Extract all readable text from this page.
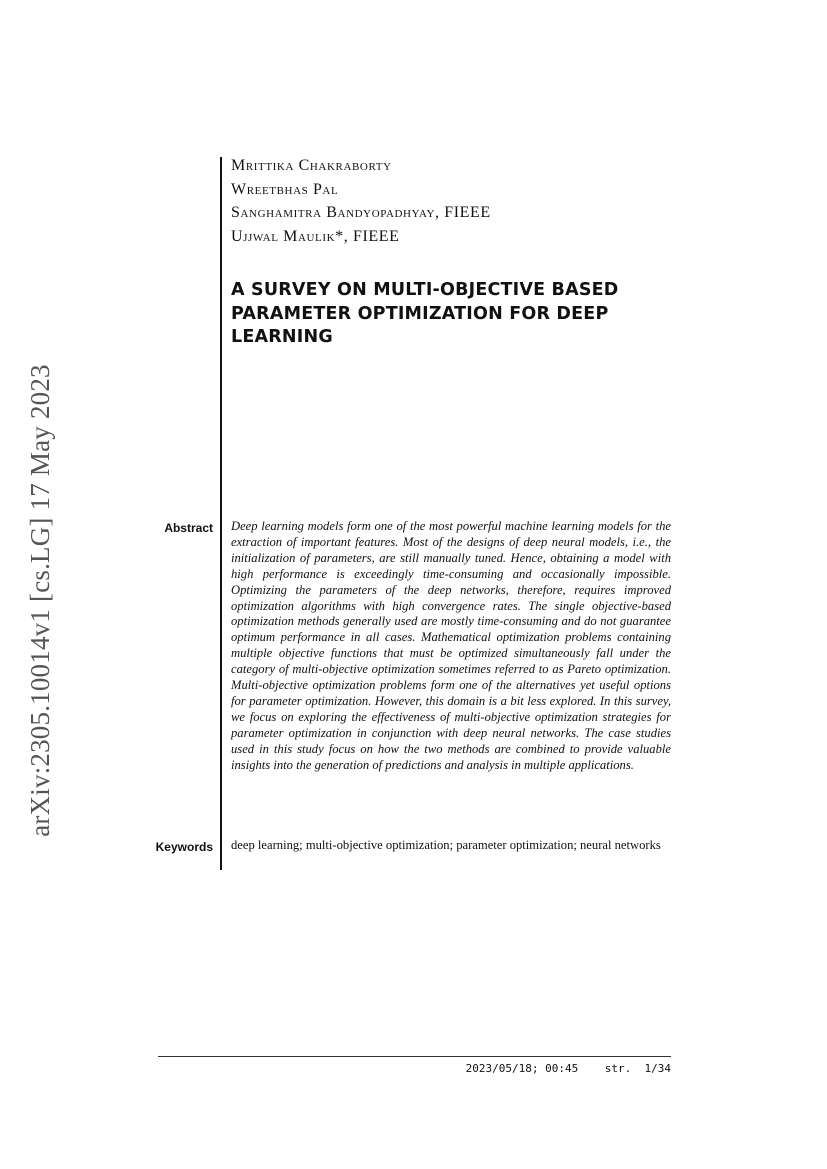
arXiv:2305.10014v1 [cs.LG] 17 May 2023
Mrittika Chakraborty
Wreetbhas Pal
Sanghamitra Bandyopadhyay, FIEEE
Ujjwal Maulik*, FIEEE
A SURVEY ON MULTI-OBJECTIVE BASED PARAMETER OPTIMIZATION FOR DEEP LEARNING
Abstract Deep learning models form one of the most powerful machine learning models for the extraction of important features. Most of the designs of deep neural models, i.e., the initialization of parameters, are still manually tuned. Hence, obtaining a model with high performance is exceedingly time-consuming and occasionally impossible. Optimizing the parameters of the deep networks, therefore, requires improved optimization algorithms with high convergence rates. The single objective-based optimization methods generally used are mostly time-consuming and do not guarantee optimum performance in all cases. Mathematical optimization problems containing multiple objective functions that must be optimized simultaneously fall under the category of multi-objective optimization sometimes referred to as Pareto optimization. Multi-objective optimization problems form one of the alternatives yet useful options for parameter optimization. However, this domain is a bit less explored. In this survey, we focus on exploring the effectiveness of multi-objective optimization strategies for parameter optimization in conjunction with deep neural networks. The case studies used in this study focus on how the two methods are combined to provide valuable insights into the generation of predictions and analysis in multiple applications.

Keywords deep learning; multi-objective optimization; parameter optimization; neural networks

2023/05/18; 00:45 str. 1/34
